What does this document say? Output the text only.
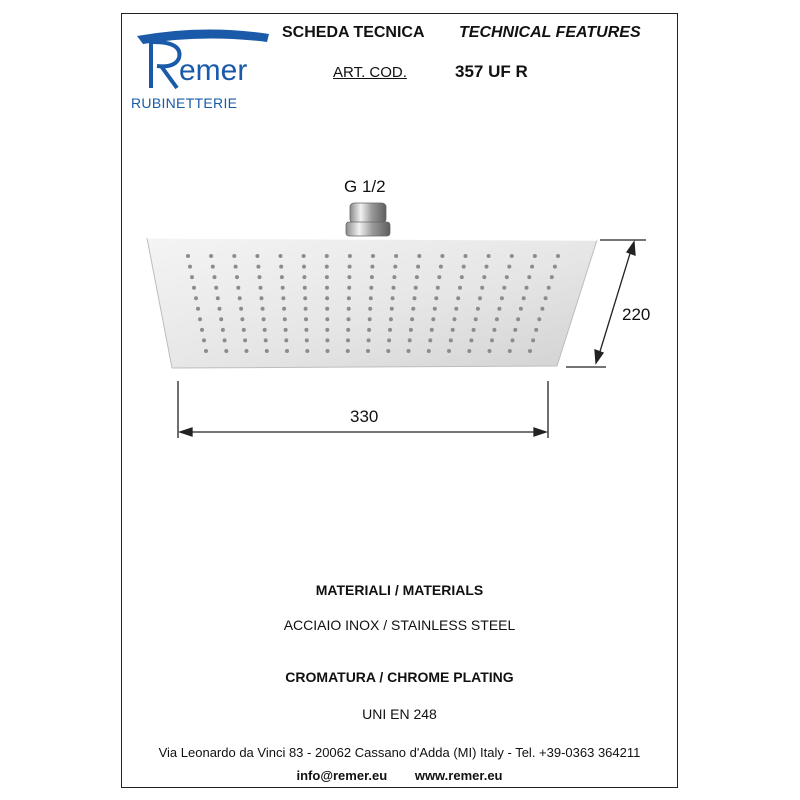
emer
RUBINETTERIE
SCHEDA TECNICA TECHNICAL FEATURES
ART. COD.	357 UF R
G 1/2
330
220
MATERIALI / MATERIALS
ACCIAIO INOX / STAINLESS STEEL
CROMATURA / CHROME PLATING
UNI EN 248
Via Leonardo da Vinci 83 - 20062 Cassano d'Adda (MI) Italy - Tel. +39-0363 364211
info@remer.eu www.remer.eu
